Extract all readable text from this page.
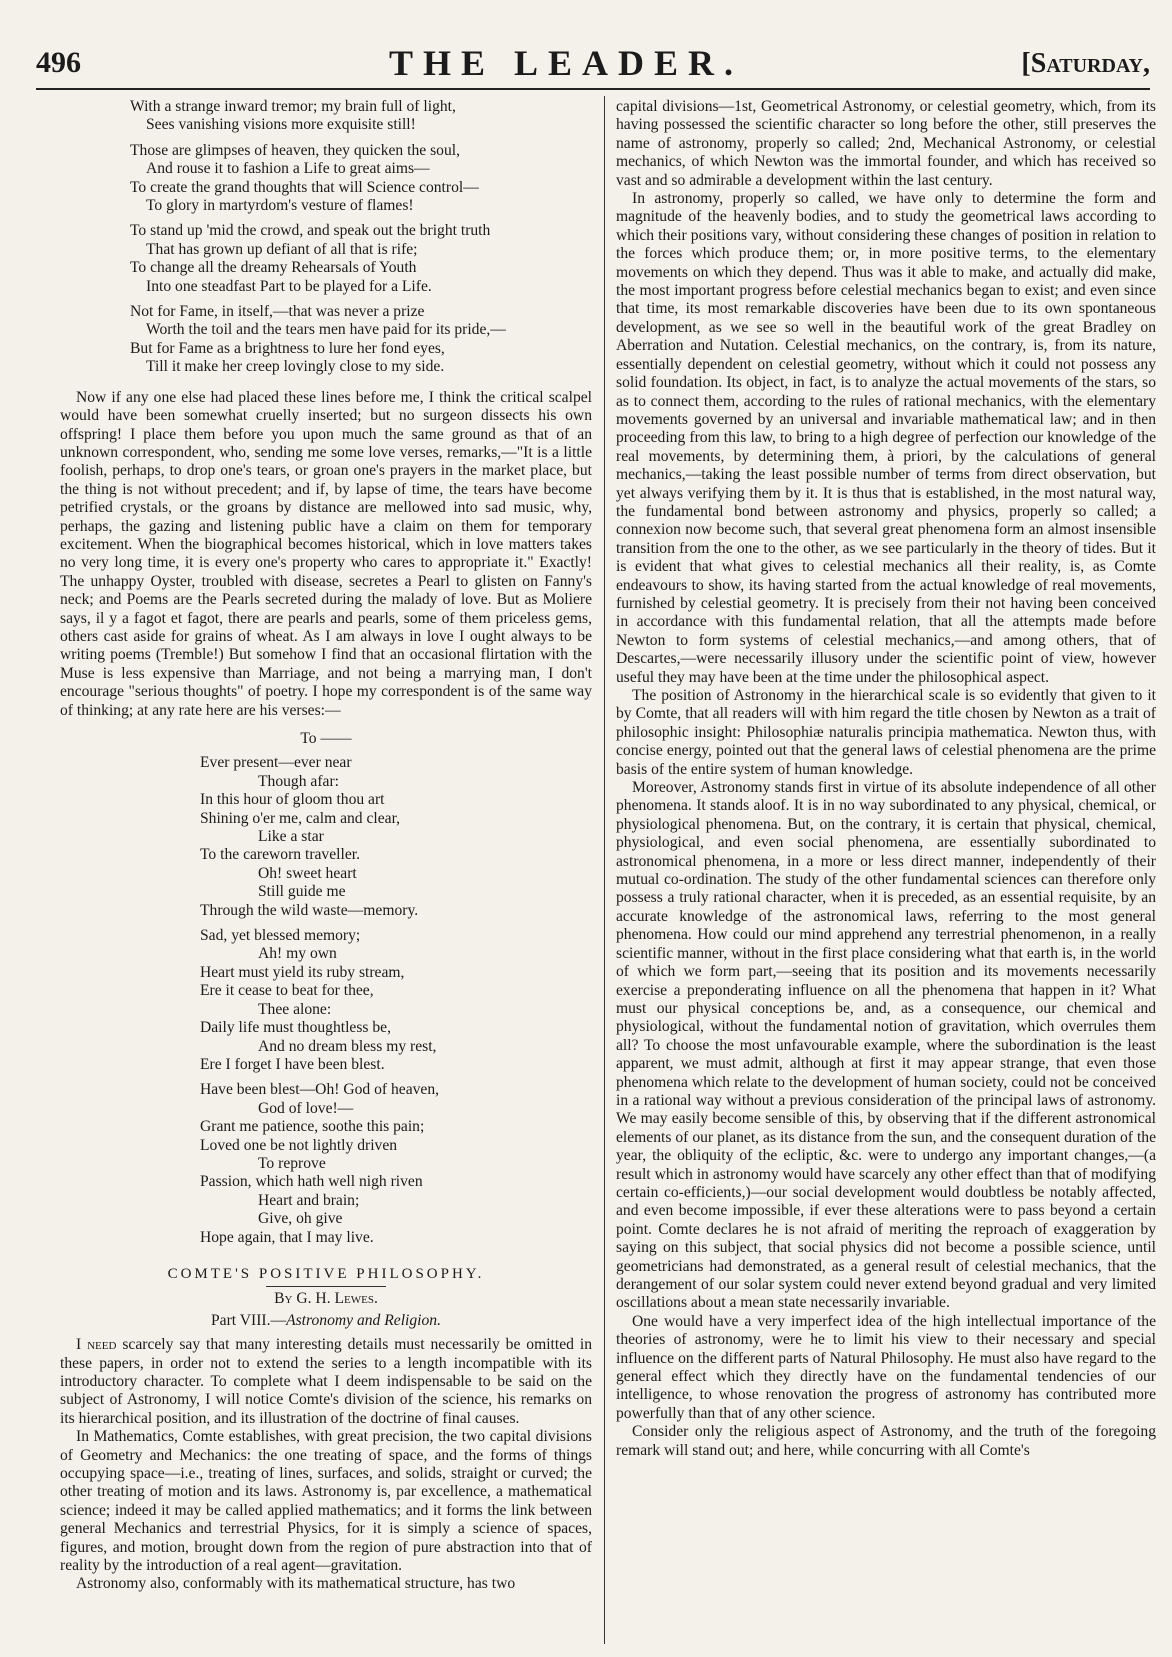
496	THE LEADER.	[Saturday,
With a strange inward tremor; my brain full of light,
Sees vanishing visions more exquisite still!
Those are glimpses of heaven, they quicken the soul,
And rouse it to fashion a Life to great aims—
To create the grand thoughts that will Science control—
To glory in martyrdom's vesture of flames!
To stand up 'mid the crowd, and speak out the bright truth
That has grown up defiant of all that is rife;
To change all the dreamy Rehearsals of Youth
Into one steadfast Part to be played for a Life.
Not for Fame, in itself,—that was never a prize
Worth the toil and the tears men have paid for its pride,—
But for Fame as a brightness to lure her fond eyes,
Till it make her creep lovingly close to my side.

Now if any one else had placed these lines before me, I think the critical scalpel would have been somewhat cruelly inserted; but no surgeon dissects his own offspring! I place them before you upon much the same ground as that of an unknown correspondent, who, sending me some love verses, remarks,—"It is a little foolish, perhaps, to drop one's tears, or groan one's prayers in the market place, but the thing is not without precedent; and if, by lapse of time, the tears have become petrified crystals, or the groans by distance are mellowed into sad music, why, perhaps, the gazing and listening public have a claim on them for temporary excitement. When the biographical becomes historical, which in love matters takes no very long time, it is every one's property who cares to appropriate it." Exactly! The unhappy Oyster, troubled with disease, secretes a Pearl to glisten on Fanny's neck; and Poems are the Pearls secreted during the malady of love. But as Moliere says, il y a fagot et fagot, there are pearls and pearls, some of them priceless gems, others cast aside for grains of wheat. As I am always in love I ought always to be writing poems (Tremble!) But somehow I find that an occasional flirtation with the Muse is less expensive than Marriage, and not being a marrying man, I don't encourage "serious thoughts" of poetry. I hope my correspondent is of the same way of thinking; at any rate here are his verses:—

To ——
Ever present—ever near
Though afar:
In this hour of gloom thou art
Shining o'er me, calm and clear,
Like a star
To the careworn traveller.
Oh! sweet heart
Still guide me
Through the wild waste—memory.
Sad, yet blessed memory;
Ah! my own
Heart must yield its ruby stream,
Ere it cease to beat for thee,
Thee alone:
Daily life must thoughtless be,
And no dream bless my rest,
Ere I forget I have been blest.
Have been blest—Oh! God of heaven,
God of love!—
Grant me patience, soothe this pain;
Loved one be not lightly driven
To reprove
Passion, which hath well nigh riven
Heart and brain;
Give, oh give
Hope again, that I may live.
COMTE'S POSITIVE PHILOSOPHY.
By G. H. Lewes.
Part VIII.—Astronomy and Religion.

I need scarcely say that many interesting details must necessarily be omitted in these papers, in order not to extend the series to a length incompatible with its introductory character. To complete what I deem indispensable to be said on the subject of Astronomy, I will notice Comte's division of the science, his remarks on its hierarchical position, and its illustration of the doctrine of final causes.

In Mathematics, Comte establishes, with great precision, the two capital divisions of Geometry and Mechanics: the one treating of space, and the forms of things occupying space—i.e., treating of lines, surfaces, and solids, straight or curved; the other treating of motion and its laws. Astronomy is, par excellence, a mathematical science; indeed it may be called applied mathematics; and it forms the link between general Mechanics and terrestrial Physics, for it is simply a science of spaces, figures, and motion, brought down from the region of pure abstraction into that of reality by the introduction of a real agent—gravitation.

Astronomy also, conformably with its mathematical structure, has two

capital divisions—1st, Geometrical Astronomy, or celestial geometry, which, from its having possessed the scientific character so long before the other, still preserves the name of astronomy, properly so called; 2nd, Mechanical Astronomy, or celestial mechanics, of which Newton was the immortal founder, and which has received so vast and so admirable a development within the last century.

In astronomy, properly so called, we have only to determine the form and magnitude of the heavenly bodies, and to study the geometrical laws according to which their positions vary, without considering these changes of position in relation to the forces which produce them; or, in more positive terms, to the elementary movements on which they depend. Thus was it able to make, and actually did make, the most important progress before celestial mechanics began to exist; and even since that time, its most remarkable discoveries have been due to its own spontaneous development, as we see so well in the beautiful work of the great Bradley on Aberration and Nutation. Celestial mechanics, on the contrary, is, from its nature, essentially dependent on celestial geometry, without which it could not possess any solid foundation. Its object, in fact, is to analyze the actual movements of the stars, so as to connect them, according to the rules of rational mechanics, with the elementary movements governed by an universal and invariable mathematical law; and in then proceeding from this law, to bring to a high degree of perfection our knowledge of the real movements, by determining them, à priori, by the calculations of general mechanics,—taking the least possible number of terms from direct observation, but yet always verifying them by it. It is thus that is established, in the most natural way, the fundamental bond between astronomy and physics, properly so called; a connexion now become such, that several great phenomena form an almost insensible transition from the one to the other, as we see particularly in the theory of tides. But it is evident that what gives to celestial mechanics all their reality, is, as Comte endeavours to show, its having started from the actual knowledge of real movements, furnished by celestial geometry. It is precisely from their not having been conceived in accordance with this fundamental relation, that all the attempts made before Newton to form systems of celestial mechanics,—and among others, that of Descartes,—were necessarily illusory under the scientific point of view, however useful they may have been at the time under the philosophical aspect.

The position of Astronomy in the hierarchical scale is so evidently that given to it by Comte, that all readers will with him regard the title chosen by Newton as a trait of philosophic insight: Philosophiæ naturalis principia mathematica. Newton thus, with concise energy, pointed out that the general laws of celestial phenomena are the prime basis of the entire system of human knowledge.

Moreover, Astronomy stands first in virtue of its absolute independence of all other phenomena. It stands aloof. It is in no way subordinated to any physical, chemical, or physiological phenomena. But, on the contrary, it is certain that physical, chemical, physiological, and even social phenomena, are essentially subordinated to astronomical phenomena, in a more or less direct manner, independently of their mutual co-ordination. The study of the other fundamental sciences can therefore only possess a truly rational character, when it is preceded, as an essential requisite, by an accurate knowledge of the astronomical laws, referring to the most general phenomena. How could our mind apprehend any terrestrial phenomenon, in a really scientific manner, without in the first place considering what that earth is, in the world of which we form part,—seeing that its position and its movements necessarily exercise a preponderating influence on all the phenomena that happen in it? What must our physical conceptions be, and, as a consequence, our chemical and physiological, without the fundamental notion of gravitation, which overrules them all? To choose the most unfavourable example, where the subordination is the least apparent, we must admit, although at first it may appear strange, that even those phenomena which relate to the development of human society, could not be conceived in a rational way without a previous consideration of the principal laws of astronomy. We may easily become sensible of this, by observing that if the different astronomical elements of our planet, as its distance from the sun, and the consequent duration of the year, the obliquity of the ecliptic, &c. were to undergo any important changes,—(a result which in astronomy would have scarcely any other effect than that of modifying certain co-efficients,)—our social development would doubtless be notably affected, and even become impossible, if ever these alterations were to pass beyond a certain point. Comte declares he is not afraid of meriting the reproach of exaggeration by saying on this subject, that social physics did not become a possible science, until geometricians had demonstrated, as a general result of celestial mechanics, that the derangement of our solar system could never extend beyond gradual and very limited oscillations about a mean state necessarily invariable.

One would have a very imperfect idea of the high intellectual importance of the theories of astronomy, were he to limit his view to their necessary and special influence on the different parts of Natural Philosophy. He must also have regard to the general effect which they directly have on the fundamental tendencies of our intelligence, to whose renovation the progress of astronomy has contributed more powerfully than that of any other science.

Consider only the religious aspect of Astronomy, and the truth of the foregoing remark will stand out; and here, while concurring with all Comte's
